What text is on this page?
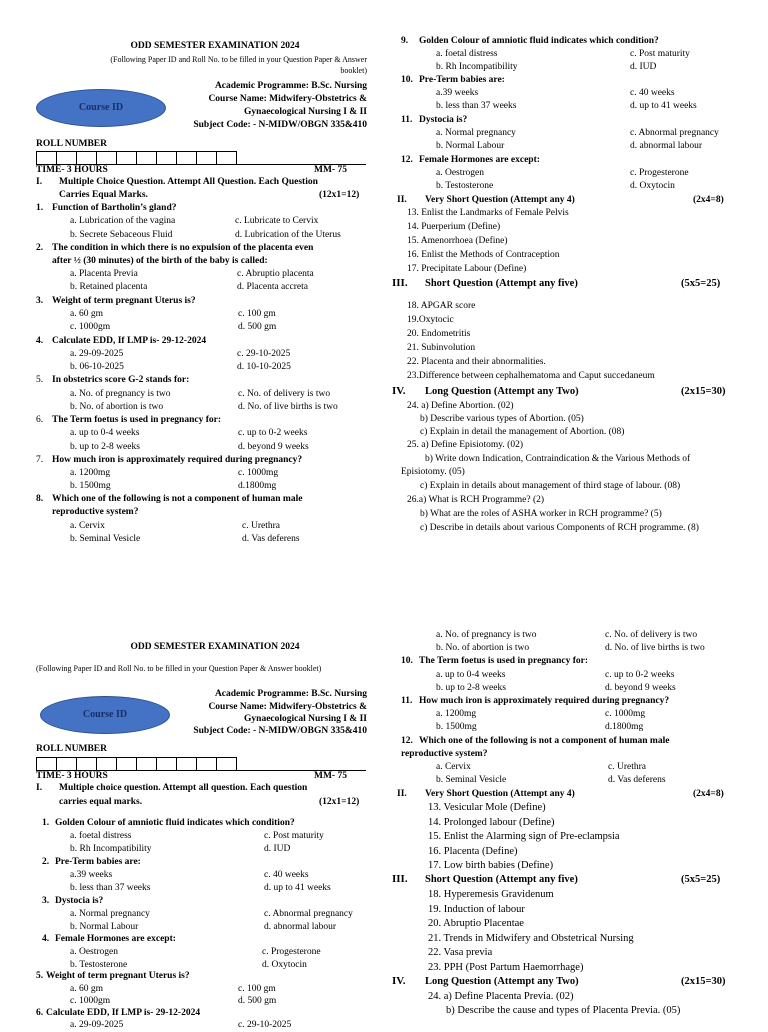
ODD SEMESTER EXAMINATION 2024
(Following Paper ID and Roll No. to be filled in your Question Paper & Answer
booklet)
Course ID
Academic Programme: B.Sc. Nursing
Course Name: Midwifery-Obstetrics &
Gynaecological Nursing I & II
Subject Code: - N-MIDW/OBGN 335&410
ROLL NUMBER
TIME- 3 HOURS	MM- 75
I. Multiple Choice Question. Attempt All Question. Each Question
Carries Equal Marks.	(12x1=12)
1. Function of Bartholin’s gland?
a. Lubrication of the vagina
b. Secrete Sebaceous Fluid
c. Lubricate to Cervix
d. Lubrication of the Uterus
2. The condition in which there is no expulsion of the placenta even
after ½ (30 minutes) of the birth of the baby is called:
a. Placenta Previa
b. Retained placenta
c. Abruptio placenta
d. Placenta accreta
3. Weight of term pregnant Uterus is?
a. 60 gm
c. 1000gm
c. 100 gm
d. 500 gm
4. Calculate EDD, If LMP is- 29-12-2024
a. 29-09-2025
b. 06-10-2025
c. 29-10-2025
d. 10-10-2025
5. In obstetrics score G-2 stands for:
a. No. of pregnancy is two
b. No. of abortion is two
c. No. of delivery is two
d. No. of live births is two
6. The Term foetus is used in pregnancy for:
a. up to 0-4 weeks
b. up to 2-8 weeks
c. up to 0-2 weeks
d. beyond 9 weeks
7. How much iron is approximately required during pregnancy?
a. 1200mg
b. 1500mg
c. 1000mg
d.1800mg
8. Which one of the following is not a component of human male
reproductive system?
a. Cervix
b. Seminal Vesicle
c. Urethra
d. Vas deferens
9. Golden Colour of amniotic fluid indicates which condition?
a. foetal distress
b. Rh Incompatibility
c. Post maturity
d. IUD
10. Pre-Term babies are:
a.39 weeks
b. less than 37 weeks
c. 40 weeks
d. up to 41 weeks
11. Dystocia is?
a. Normal pregnancy
b. Normal Labour
c. Abnormal pregnancy
d. abnormal labour
12. Female Hormones are except:
a. Oestrogen
b. Testosterone
c. Progesterone
d. Oxytocin
II. Very Short Question (Attempt any 4)	(2x4=8)
13. Enlist the Landmarks of Female Pelvis
14. Puerperium (Define)
15. Amenorrhoea (Define)
16. Enlist the Methods of Contraception
17. Precipitate Labour (Define)
III. Short Question (Attempt any five)	(5x5=25)
18. APGAR score
19.Oxytocic
20. Endometritis
21. Subinvolution
22. Placenta and their abnormalities.
23.Difference between cephalhematoma and Caput succedaneum
IV. Long Question (Attempt any Two)	(2x15=30)
24. a) Define Abortion. (02)
b) Describe various types of Abortion. (05)
c) Explain in detail the management of Abortion. (08)
25. a) Define Episiotomy. (02)
b) Write down Indication, Contraindication & the Various Methods of
Episiotomy. (05)
c) Explain in details about management of third stage of labour. (08)
26.a) What is RCH Programme? (2)
b) What are the roles of ASHA worker in RCH programme? (5)
c) Describe in details about various Components of RCH programme. (8)
ODD SEMESTER EXAMINATION 2024
(Following Paper ID and Roll No. to be filled in your Question Paper & Answer booklet)
Course ID
Academic Programme: B.Sc. Nursing
Course Name: Midwifery-Obstetrics &
Gynaecological Nursing I & II
Subject Code: - N-MIDW/OBGN 335&410
ROLL NUMBER
TIME- 3 HOURS	MM- 75
I. Multiple choice question. Attempt all question. Each question
carries equal marks.	(12x1=12)
1. Golden Colour of amniotic fluid indicates which condition?
a. foetal distress
b. Rh Incompatibility
c. Post maturity
d. IUD
2. Pre-Term babies are:
a.39 weeks
b. less than 37 weeks
c. 40 weeks
d. up to 41 weeks
3. Dystocia is?
a. Normal pregnancy
b. Normal Labour
c. Abnormal pregnancy
d. abnormal labour
4. Female Hormones are except:
a. Oestrogen
b. Testosterone
c. Progesterone
d. Oxytocin
5. Weight of term pregnant Uterus is?
a. 60 gm
c. 1000gm
c. 100 gm
d. 500 gm
6. Calculate EDD, If LMP is- 29-12-2024
a. 29-09-2025	c. 29-10-2025
a. No. of pregnancy is two
b. No. of abortion is two
c. No. of delivery is two
d. No. of live births is two
10. The Term foetus is used in pregnancy for:
a. up to 0-4 weeks
b. up to 2-8 weeks
c. up to 0-2 weeks
d. beyond 9 weeks
11. How much iron is approximately required during pregnancy?
a. 1200mg
b. 1500mg
c. 1000mg
d.1800mg
12. Which one of the following is not a component of human male
reproductive system?
a. Cervix
b. Seminal Vesicle
c. Urethra
d. Vas deferens
II. Very Short Question (Attempt any 4)	(2x4=8)
13. Vesicular Mole (Define)
14. Prolonged labour (Define)
15. Enlist the Alarming sign of Pre-eclampsia
16. Placenta (Define)
17. Low birth babies (Define)
III. Short Question (Attempt any five)	(5x5=25)
18. Hyperemesis Gravidenum
19. Induction of labour
20. Abruptio Placentae
21. Trends in Midwifery and Obstetrical Nursing
22. Vasa previa
23. PPH (Post Partum Haemorrhage)
IV. Long Question (Attempt any Two)	(2x15=30)
24. a) Define Placenta Previa. (02)
b) Describe the cause and types of Placenta Previa. (05)
